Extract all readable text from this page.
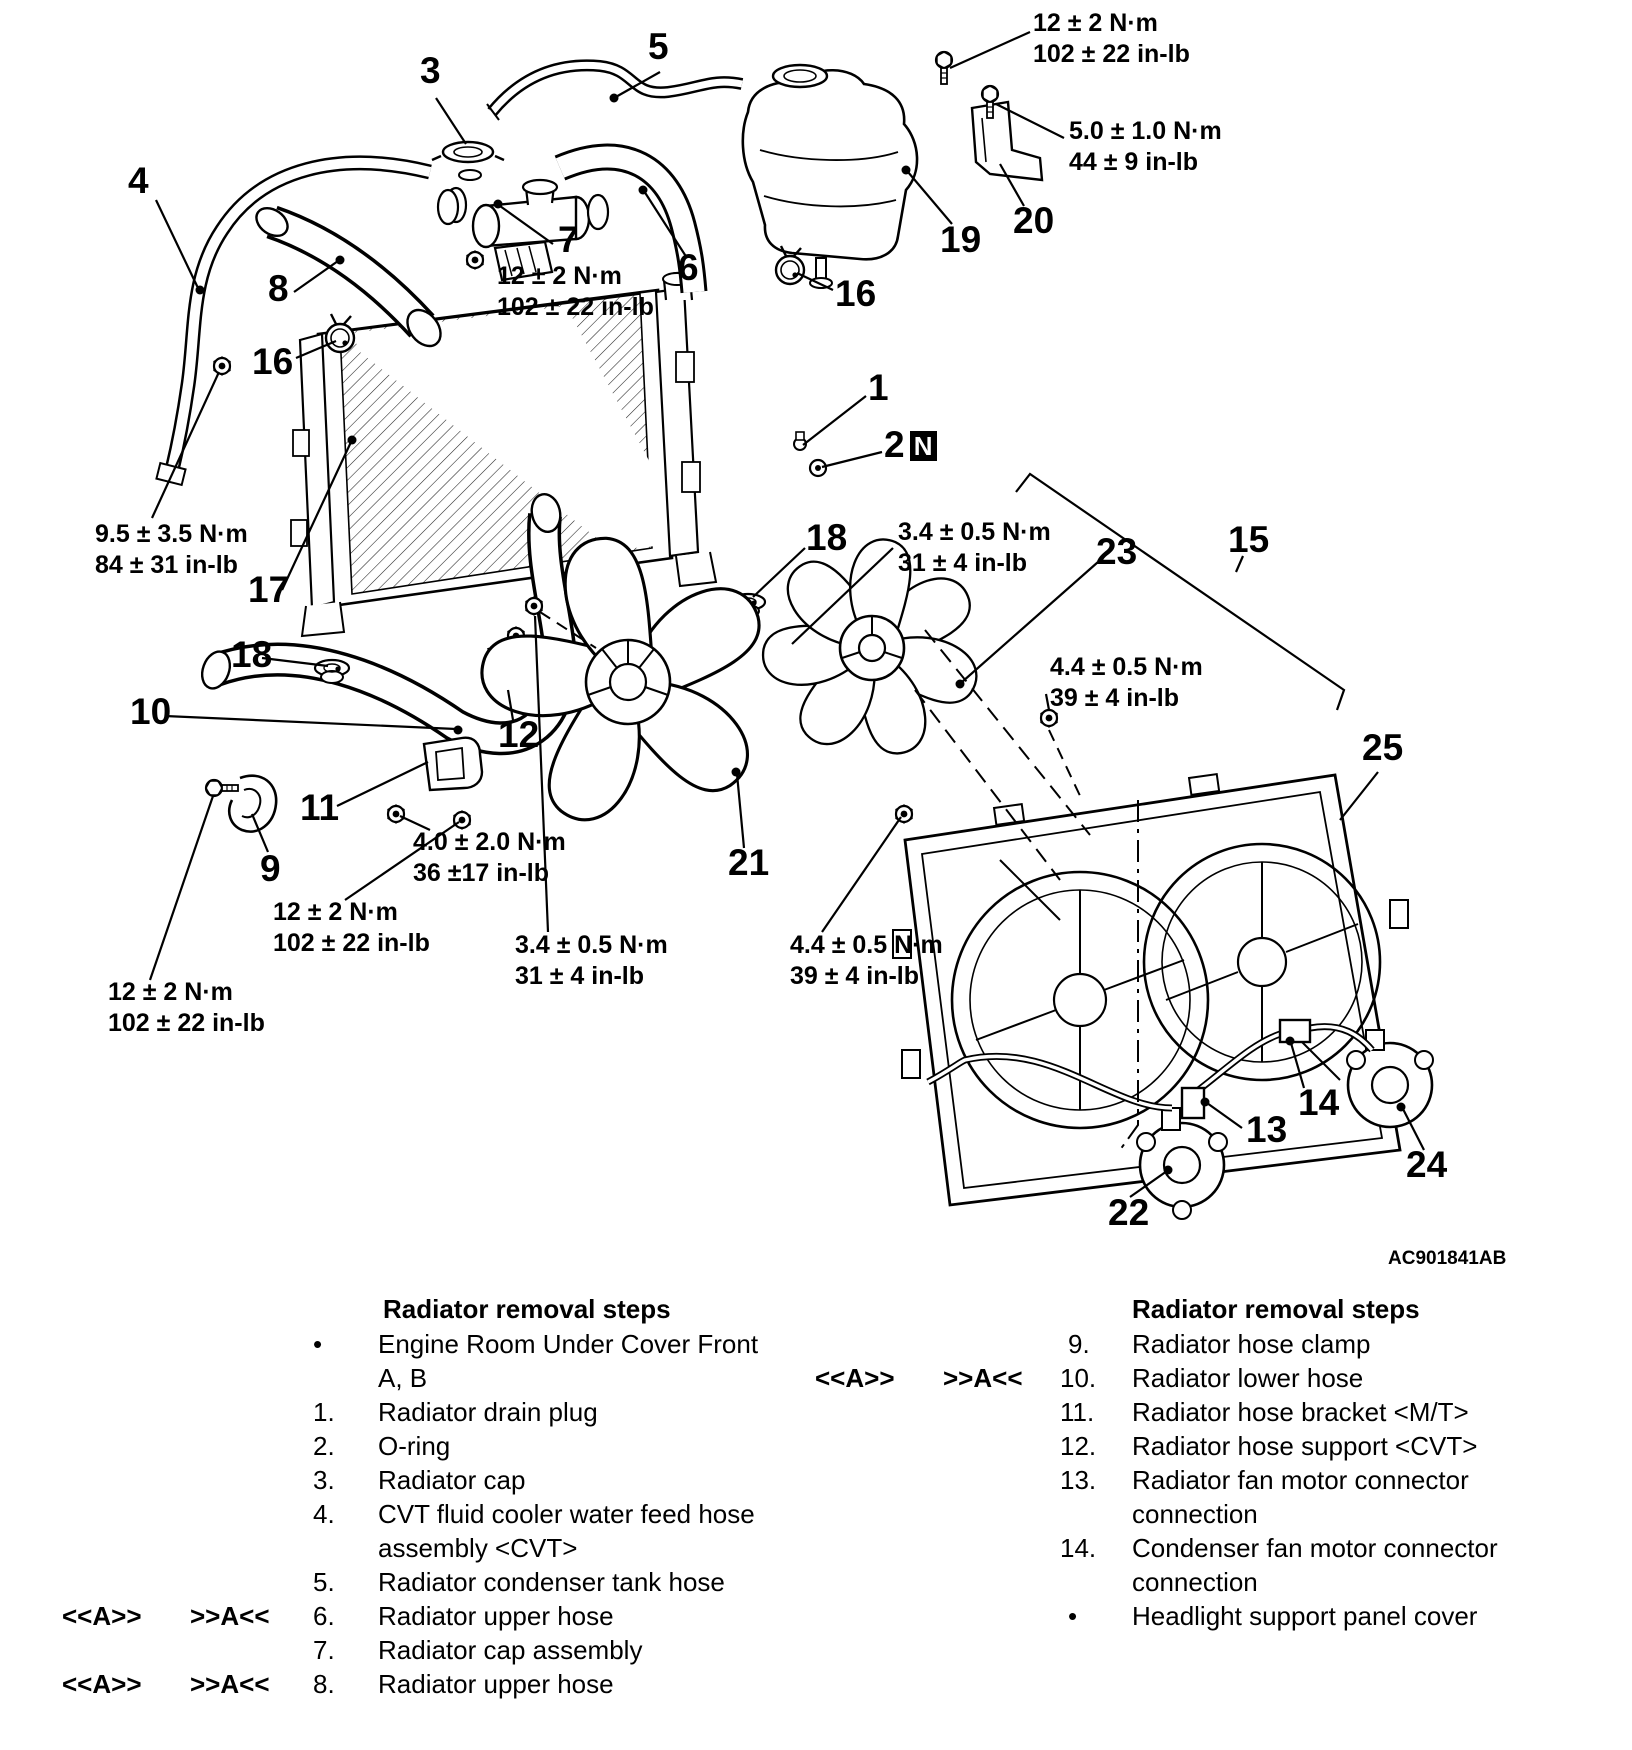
3
5
4
7
6
8
19 20
16
16
1
17
18	23 15
18
10
12	25
11
9	21
14
13
24
22
2 N
12 ± 2 N·m
102 ± 22 in-lb
5.0 ± 1.0 N·m
44 ± 9 in-lb
12 ± 2 N·m
102 ± 22 in-lb
9.5 ± 3.5 N·m
84 ± 31 in-lb
3.4 ± 0.5 N·m
31 ± 4 in-lb
4.4 ± 0.5 N·m
39 ± 4 in-lb
4.0 ± 2.0 N·m
36 ±17 in-lb
12 ± 2 N·m
102 ± 22 in-lb
12 ± 2 N·m
102 ± 22 in-lb
3.4 ± 0.5 N·m
31 ± 4 in-lb
4.4 ± 0.5 N·m
39 ± 4 in-lb
AC901841AB
Radiator removal steps
• Engine Room Under Cover Front
A, B
1. Radiator drain plug
2. O-ring
3. Radiator cap
4. CVT fluid cooler water feed hose
assembly <CVT>
5. Radiator condenser tank hose
<<A>> >>A<< 6. Radiator upper hose
7. Radiator cap assembly
<<A>> >>A<< 8. Radiator upper hose
Radiator removal steps
9. Radiator hose clamp
<<A>> >>A<< 10. Radiator lower hose
11. Radiator hose bracket <M/T>
12. Radiator hose support <CVT>
13. Radiator fan motor connector
connection
14. Condenser fan motor connector
connection
• Headlight support panel cover
